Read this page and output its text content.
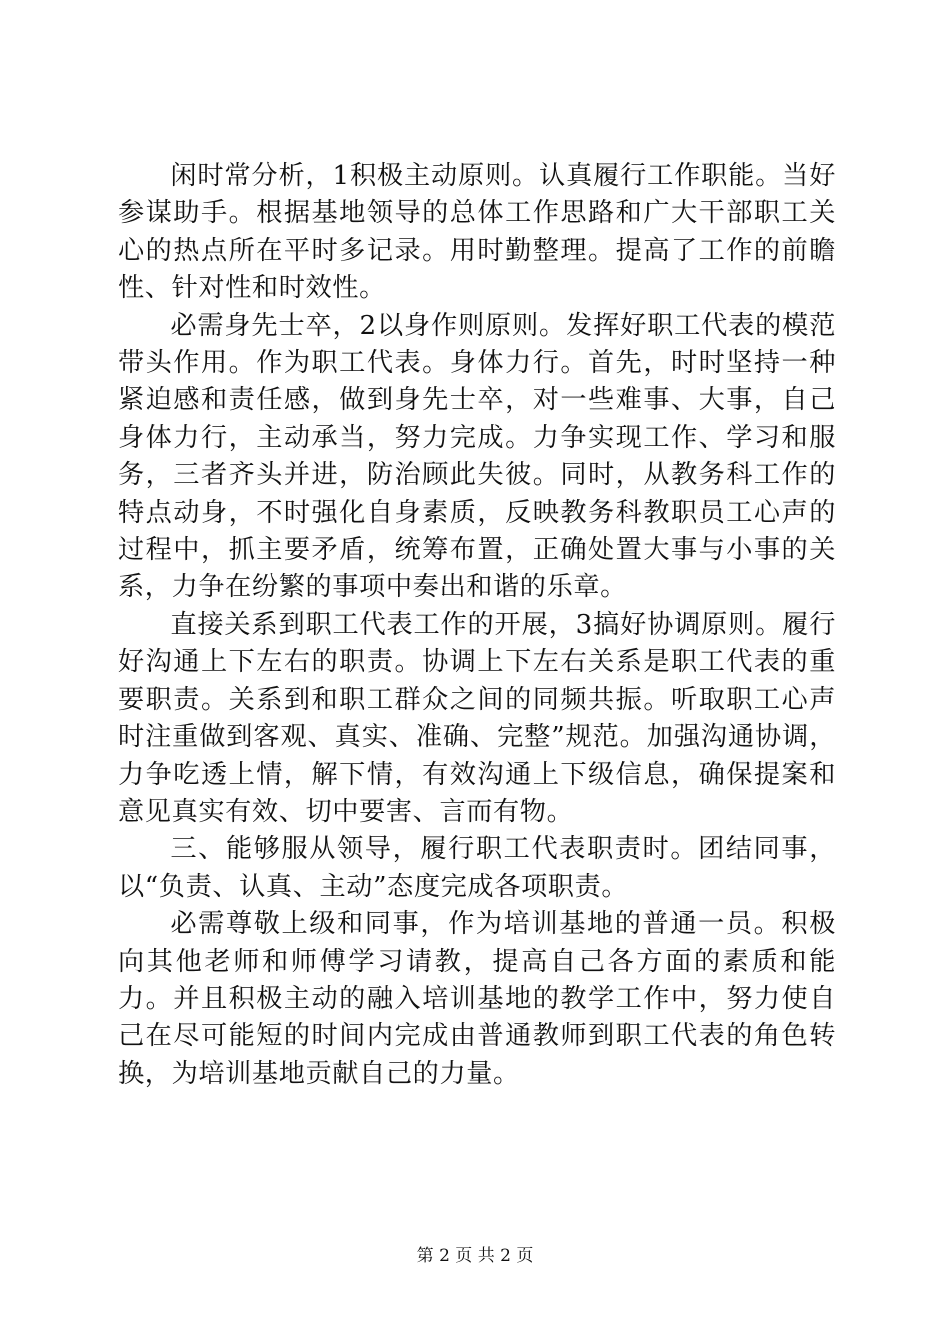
闲时常分析，1积极主动原则。认真履行工作职能。当好参谋助手。根据基地领导的总体工作思路和广大干部职工关心的热点所在平时多记录。用时勤整理。提高了工作的前瞻性、针对性和时效性。

必需身先士卒，2以身作则原则。发挥好职工代表的模范带头作用。作为职工代表。身体力行。首先，时时坚持一种紧迫感和责任感，做到身先士卒，对一些难事、大事，自己身体力行，主动承当，努力完成。力争实现工作、学习和服务，三者齐头并进，防治顾此失彼。同时，从教务科工作的特点动身，不时强化自身素质，反映教务科教职员工心声的过程中，抓主要矛盾，统筹布置，正确处置大事与小事的关系，力争在纷繁的事项中奏出和谐的乐章。

直接关系到职工代表工作的开展，3搞好协调原则。履行好沟通上下左右的职责。协调上下左右关系是职工代表的重要职责。关系到和职工群众之间的同频共振。听取职工心声时注重做到客观、真实、准确、完整”规范。加强沟通协调，力争吃透上情，解下情，有效沟通上下级信息，确保提案和意见真实有效、切中要害、言而有物。

三、能够服从领导，履行职工代表职责时。团结同事，以“负责、认真、主动”态度完成各项职责。

必需尊敬上级和同事，作为培训基地的普通一员。积极向其他老师和师傅学习请教，提高自己各方面的素质和能力。并且积极主动的融入培训基地的教学工作中，努力使自己在尽可能短的时间内完成由普通教师到职工代表的角色转换，为培训基地贡献自己的力量。

第 2 页 共 2 页
